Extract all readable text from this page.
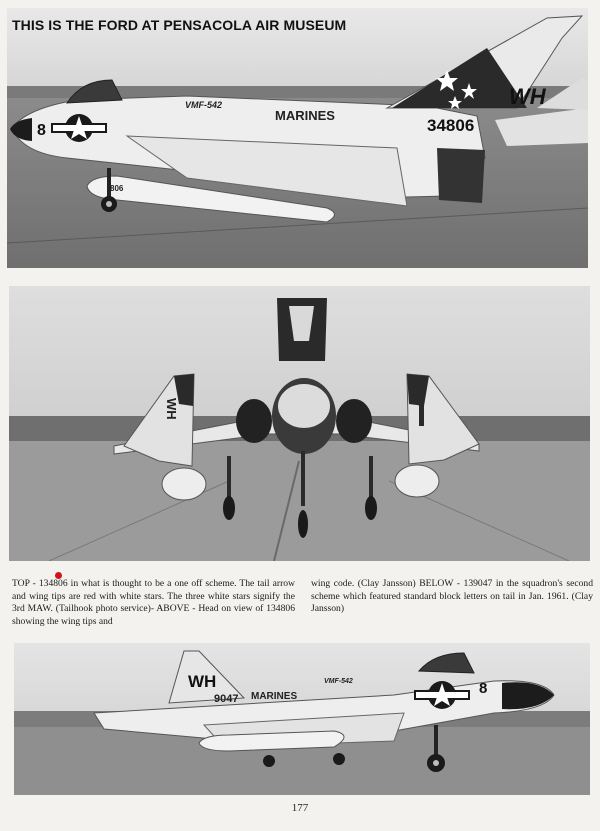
8
VMF-542
MARINES
34806
WH
806
THIS IS THE FORD AT PENSACOLA AIR MUSEUM
WH
TOP - 134806 in what is thought to be a one off scheme. The tail arrow and wing tips are red with white stars. The three white stars signify the 3rd MAW. (Tailhook photo service)- ABOVE - Head on view of 134806 showing the wing tips and
wing code. (Clay Jansson) BELOW - 139047 in the squadron's second scheme which featured standard block letters on tail in Jan. 1961. (Clay Jansson)
WH
9047 MARINES
VMF-542	8
177
